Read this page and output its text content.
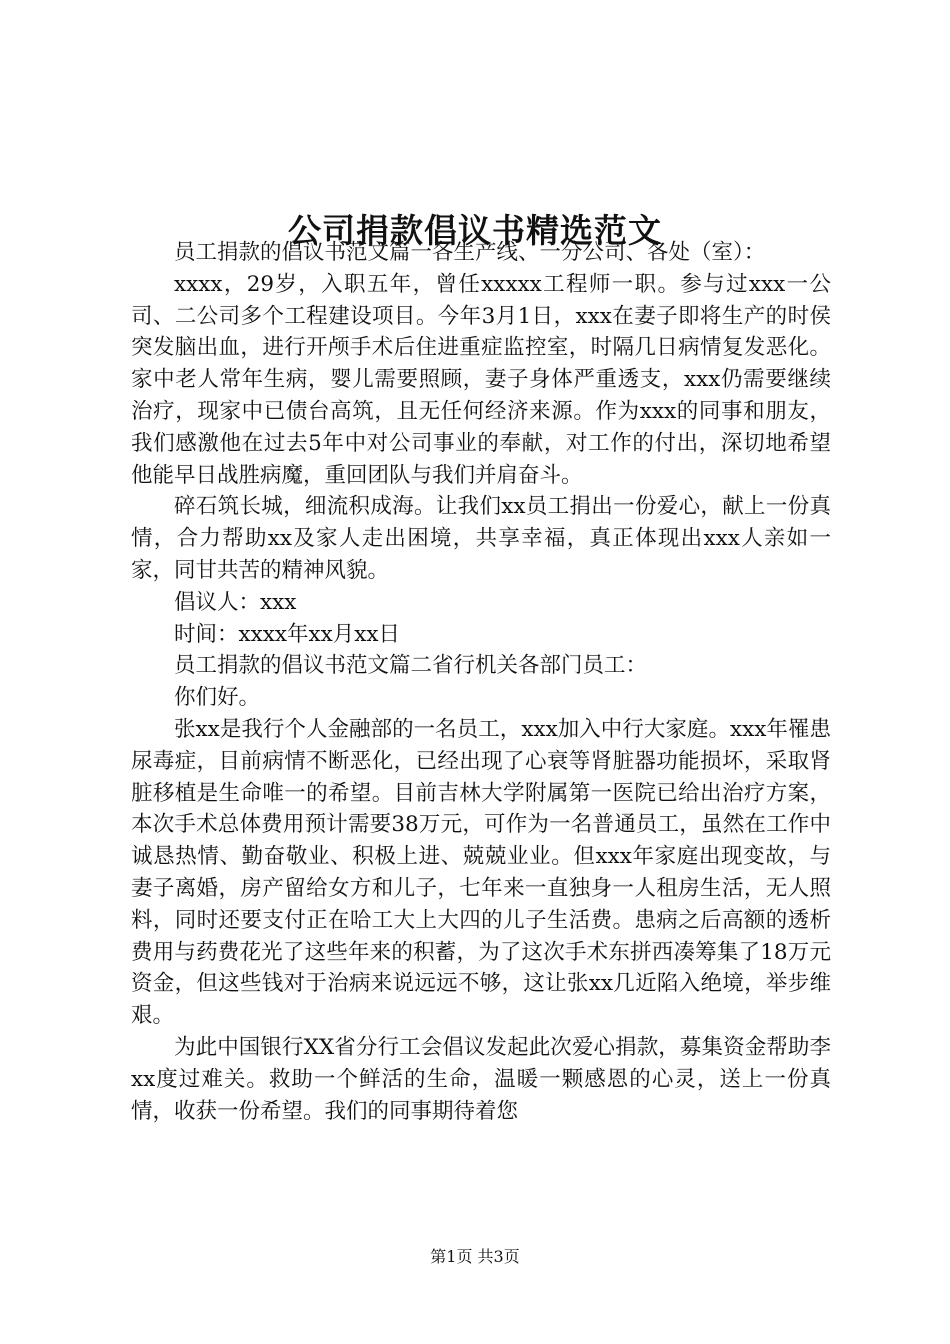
公司捐款倡议书精选范文

员工捐款的倡议书范文篇一各生产线、一分公司、各处（室）：

xxxx，29岁，入职五年，曾任xxxxx工程师一职。参与过xxx一公司、二公司多个工程建设项目。今年3月1日，xxx在妻子即将生产的时侯突发脑出血，进行开颅手术后住进重症监控室，时隔几日病情复发恶化。家中老人常年生病，婴儿需要照顾，妻子身体严重透支，xxx仍需要继续治疗，现家中已债台高筑，且无任何经济来源。作为xxx的同事和朋友，我们感激他在过去5年中对公司事业的奉献，对工作的付出，深切地希望他能早日战胜病魔，重回团队与我们并肩奋斗。

碎石筑长城，细流积成海。让我们xx员工捐出一份爱心，献上一份真情，合力帮助xx及家人走出困境，共享幸福，真正体现出xxx人亲如一家，同甘共苦的精神风貌。

倡议人：xxx

时间：xxxx年xx月xx日

员工捐款的倡议书范文篇二省行机关各部门员工：

你们好。

张xx是我行个人金融部的一名员工，xxx加入中行大家庭。xxx年罹患尿毒症，目前病情不断恶化，已经出现了心衰等肾脏器功能损坏，采取肾脏移植是生命唯一的希望。目前吉林大学附属第一医院已给出治疗方案，本次手术总体费用预计需要38万元，可作为一名普通员工，虽然在工作中诚恳热情、勤奋敬业、积极上进、兢兢业业。但xxx年家庭出现变故，与妻子离婚，房产留给女方和儿子，七年来一直独身一人租房生活，无人照料，同时还要支付正在哈工大上大四的儿子生活费。患病之后高额的透析费用与药费花光了这些年来的积蓄，为了这次手术东拼西凑筹集了18万元资金，但这些钱对于治病来说远远不够，这让张xx几近陷入绝境，举步维艰。

为此中国银行XX省分行工会倡议发起此次爱心捐款，募集资金帮助李xx度过难关。救助一个鲜活的生命，温暖一颗感恩的心灵，送上一份真情，收获一份希望。我们的同事期待着您

第1页 共3页
